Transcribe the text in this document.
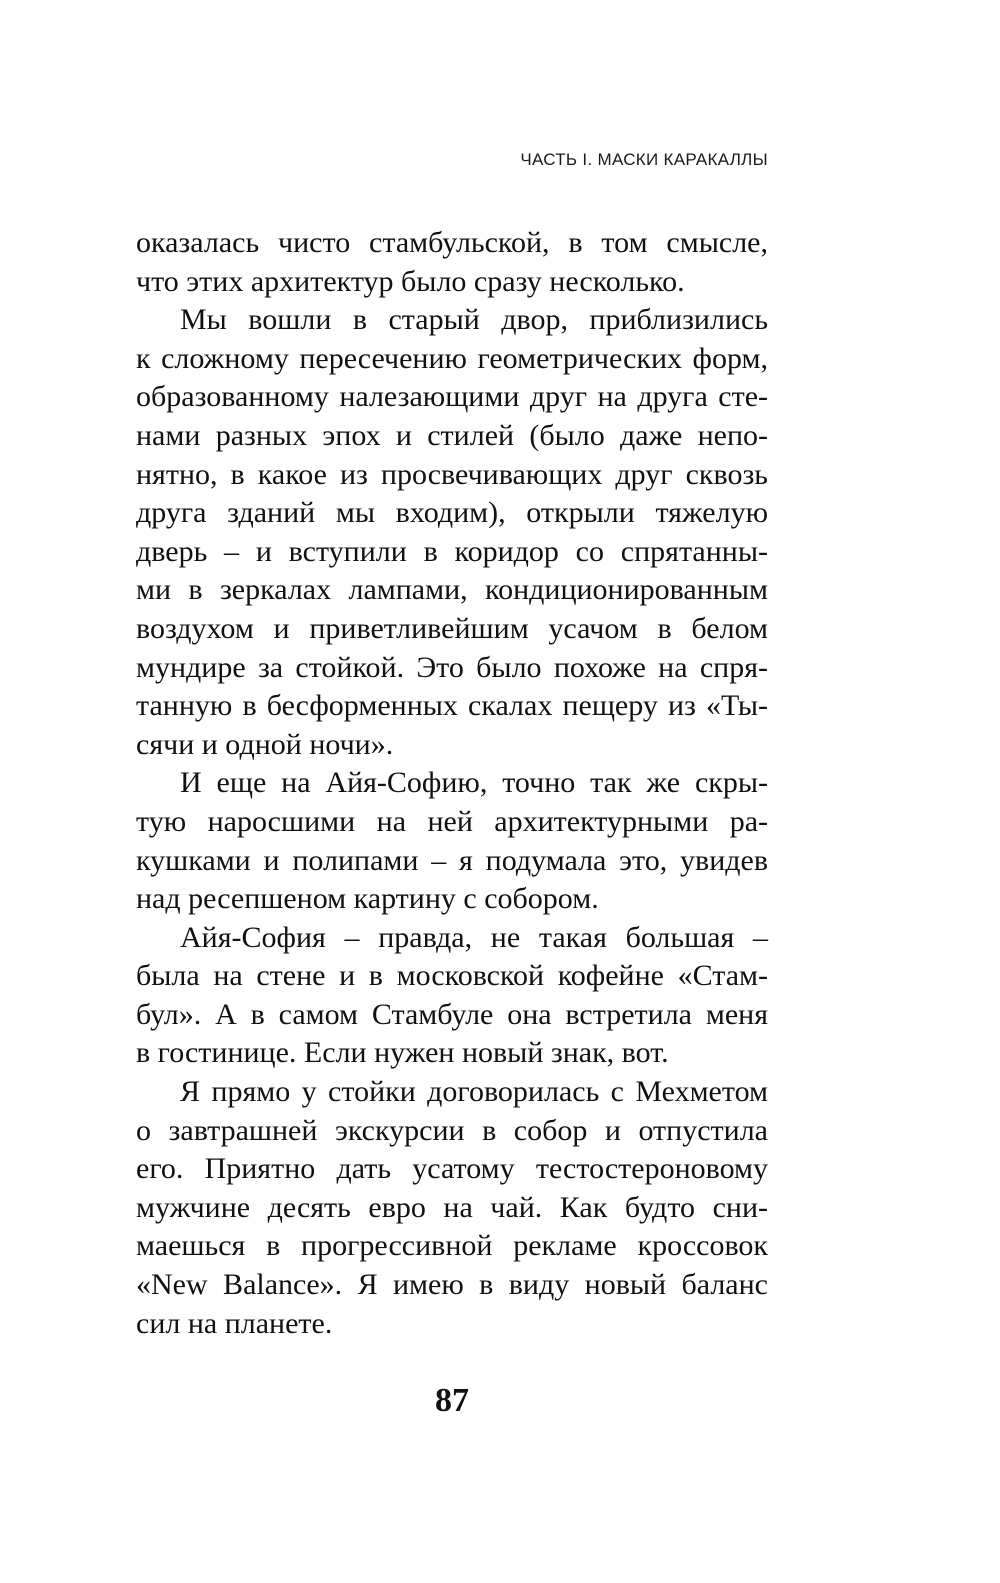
ЧАСТЬ I. МАСКИ КАРАКАЛЛЫ
оказалась чисто стамбульской, в том смысле,
что этих архитектур было сразу несколько.
Мы вошли в старый двор, приблизились
к сложному пересечению геометрических форм,
образованному налезающими друг на друга сте-
нами разных эпох и стилей (было даже непо-
нятно, в какое из просвечивающих друг сквозь
друга зданий мы входим), открыли тяжелую
дверь – и вступили в коридор со спрятанны-
ми в зеркалах лампами, кондиционированным
воздухом и приветливейшим усачом в белом
мундире за стойкой. Это было похоже на спря-
танную в бесформенных скалах пещеру из «Ты-
сячи и одной ночи».
И еще на Айя-Софию, точно так же скры-
тую наросшими на ней архитектурными ра-
кушками и полипами – я подумала это, увидев
над ресепшеном картину с собором.
Айя-София – правда, не такая большая –
была на стене и в московской кофейне «Стам-
бул». А в самом Стамбуле она встретила меня
в гостинице. Если нужен новый знак, вот.
Я прямо у стойки договорилась с Мехметом
о завтрашней экскурсии в собор и отпустила
его. Приятно дать усатому тестостероновому
мужчине десять евро на чай. Как будто сни-
маешься в прогрессивной рекламе кроссовок
«New Balance». Я имею в виду новый баланс
сил на планете.
87
